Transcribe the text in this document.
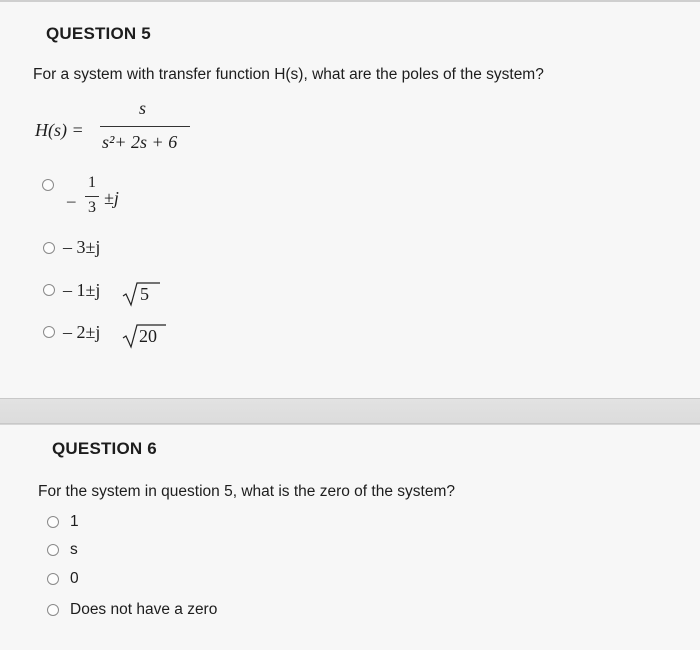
QUESTION 5
For a system with transfer function H(s), what are the poles of the system?
H(s) =
s
s²+ 2s + 6
–
1
3 ±j
– 3±j
– 1±j 5
– 2±j 20
QUESTION 6
For the system in question 5, what is the zero of the system?
1
s
0
Does not have a zero
